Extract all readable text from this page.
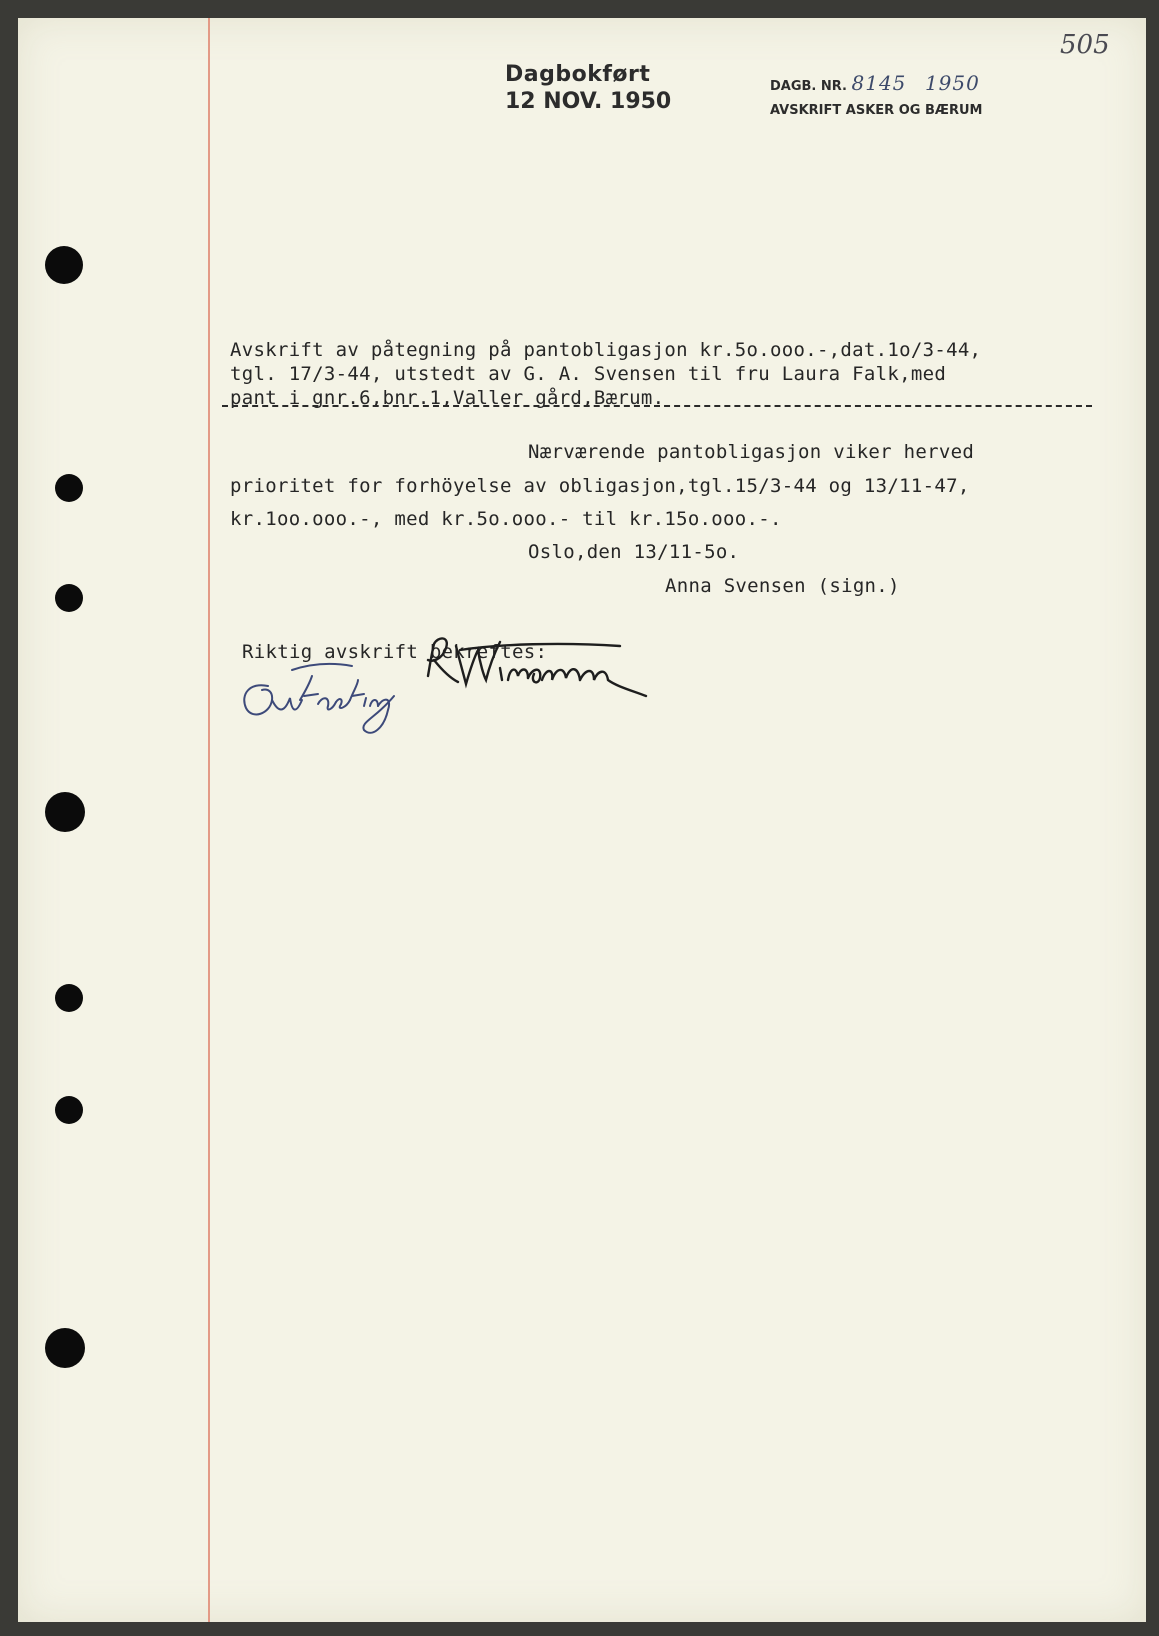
Dagbokført
12 NOV. 1950
DAGB. NR. 8145 1950
AVSKRIFT ASKER OG BÆRUM
505
Avskrift av påtegning på pantobligasjon kr.5o.ooo.-,dat.1o/3-44,
tgl. 17/3-44, utstedt av G. A. Svensen til fru Laura Falk,med
pant i gnr.6,bnr.1,Valler gård,Bærum.
Nærværende pantobligasjon viker herved
prioritet for forhöyelse av obligasjon,tgl.15/3-44 og 13/11-47,
kr.1oo.ooo.-, med kr.5o.ooo.- til kr.15o.ooo.-.
Oslo,den 13/11-5o.
Anna Svensen (sign.)
Riktig avskrift bekreftes:
